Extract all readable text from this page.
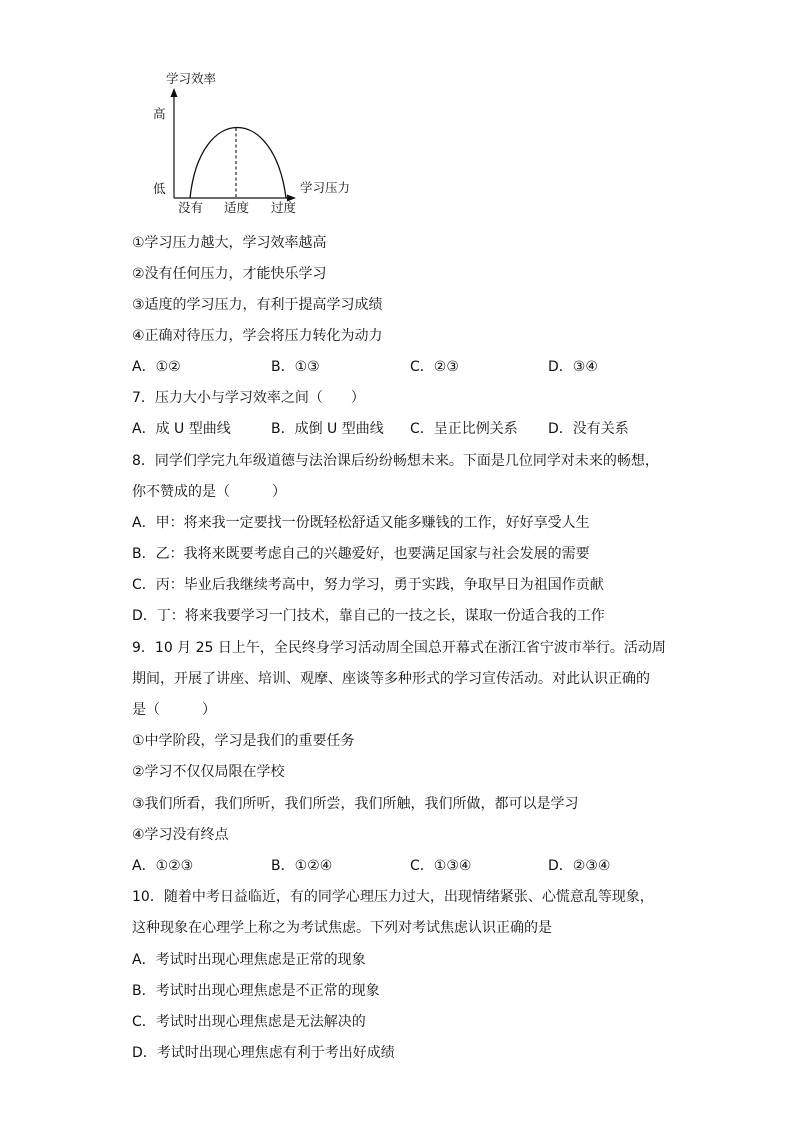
学习效率
高
低	学习压力
没有 适度 过度
①学习压力越大，学习效率越高
②没有任何压力，才能快乐学习
③适度的学习压力，有利于提高学习成绩
④正确对待压力，学会将压力转化为动力
A．①②	B．①③	C．②③	D．③④
7．压力大小与学习效率之间（　　）
A．成 U 型曲线	B．成倒 U 型曲线 C．呈正比例关系 D．没有关系
8．同学们学完九年级道德与法治课后纷纷畅想未来。下面是几位同学对未来的畅想，
你不赞成的是（　　　）
A．甲：将来我一定要找一份既轻松舒适又能多赚钱的工作，好好享受人生
B．乙：我将来既要考虑自己的兴趣爱好，也要满足国家与社会发展的需要
C．丙：毕业后我继续考高中，努力学习，勇于实践，争取早日为祖国作贡献
D．丁：将来我要学习一门技术，靠自己的一技之长，谋取一份适合我的工作
9．10 月 25 日上午，全民终身学习活动周全国总开幕式在浙江省宁波市举行。活动周
期间，开展了讲座、培训、观摩、座谈等多种形式的学习宣传活动。对此认识正确的
是（　　　）
①中学阶段，学习是我们的重要任务
②学习不仅仅局限在学校
③我们所看，我们所听，我们所尝，我们所触，我们所做，都可以是学习
④学习没有终点
A．①②③	B．①②④	C．①③④	D．②③④
10．随着中考日益临近，有的同学心理压力过大，出现情绪紧张、心慌意乱等现象，
这种现象在心理学上称之为考试焦虑。下列对考试焦虑认识正确的是
A．考试时出现心理焦虑是正常的现象
B．考试时出现心理焦虑是不正常的现象
C．考试时出现心理焦虑是无法解决的
D．考试时出现心理焦虑有利于考出好成绩
